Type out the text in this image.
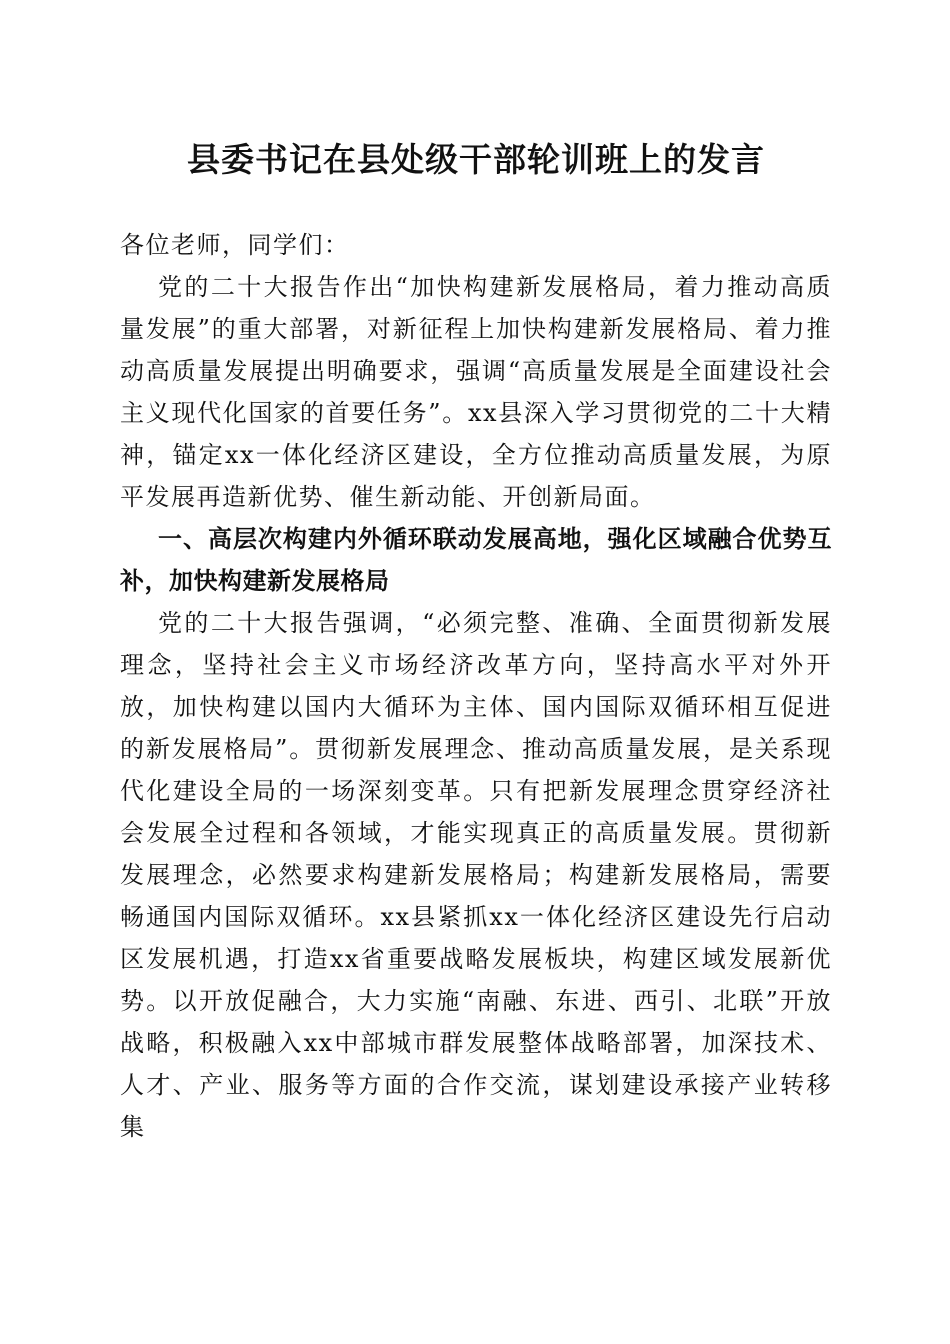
县委书记在县处级干部轮训班上的发言

各位老师，同学们：

党的二十大报告作出“加快构建新发展格局，着力推动高质量发展”的重大部署，对新征程上加快构建新发展格局、着力推动高质量发展提出明确要求，强调“高质量发展是全面建设社会主义现代化国家的首要任务”。xx县深入学习贯彻党的二十大精神，锚定xx一体化经济区建设，全方位推动高质量发展，为原平发展再造新优势、催生新动能、开创新局面。

一、高层次构建内外循环联动发展高地，强化区域融合优势互补，加快构建新发展格局

党的二十大报告强调，“必须完整、准确、全面贯彻新发展理念，坚持社会主义市场经济改革方向，坚持高水平对外开放，加快构建以国内大循环为主体、国内国际双循环相互促进的新发展格局”。贯彻新发展理念、推动高质量发展，是关系现代化建设全局的一场深刻变革。只有把新发展理念贯穿经济社会发展全过程和各领域，才能实现真正的高质量发展。贯彻新发展理念，必然要求构建新发展格局；构建新发展格局，需要畅通国内国际双循环。xx县紧抓xx一体化经济区建设先行启动区发展机遇，打造xx省重要战略发展板块，构建区域发展新优势。以开放促融合，大力实施“南融、东进、西引、北联”开放战略，积极融入xx中部城市群发展整体战略部署，加深技术、人才、产业、服务等方面的合作交流，谋划建设承接产业转移集
